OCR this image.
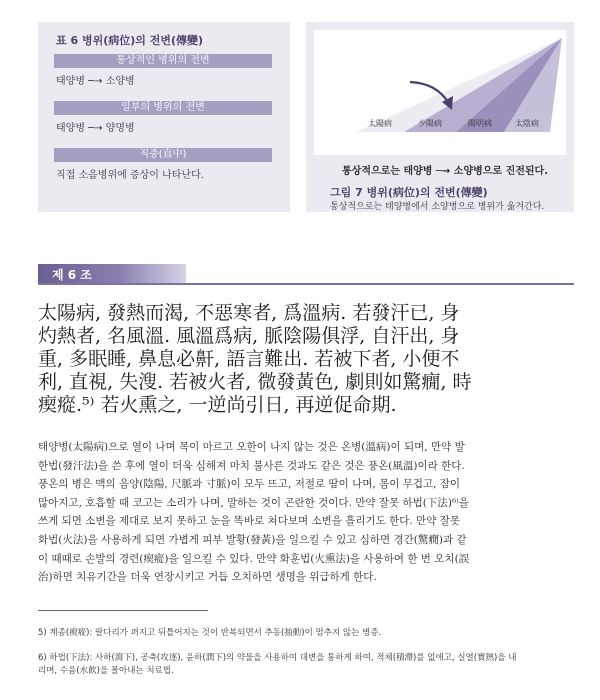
표 6 병위(病位)의 전변(傳變)
통상적인 병위의 전변
태양병 ─→ 소양병
일부의 병위의 전변
태양병 ─→ 양명병
직중(直中)
직접 소음병위에 증상이 나타난다.
太陽病	少陽病	陽明病	太陰病
통상적으로는 태양병 ─→ 소양병으로 진전된다.
그림 7 병위(病位)의 전변(傳變)
통상적으로는 태양병에서 소양병으로 병위가 옮겨간다.
제 6 조

太陽病, 發熱而渴, 不惡寒者, 爲溫病. 若發汗已, 身

灼熱者, 名風溫. 風溫爲病, 脈陰陽俱浮, 自汗出, 身

重, 多眠睡, 鼻息必鼾, 語言難出. 若被下者, 小便不

利, 直視, 失溲. 若被火者, 微發黃色, 劇則如驚癇, 時

瘈瘲.⁵⁾ 若火熏之, 一逆尚引日, 再逆促命期.

태양병(太陽病)으로 열이 나며 목이 마르고 오한이 나지 않는 것은 온병(溫病)이 되며, 만약 발

한법(發汗法)을 쓴 후에 열이 더욱 심해져 마치 불사른 것과도 같은 것은 풍온(風溫)이라 한다.

풍온의 병은 맥의 음양(陰陽, 尺脈과 寸脈)이 모두 뜨고, 저절로 땀이 나며, 몸이 무겁고, 잠이

많아지고, 호흡할 때 코고는 소리가 나며, 말하는 것이 곤란한 것이다. 만약 잘못 하법(下法)⁶⁾을

쓰게 되면 소변을 제대로 보지 못하고 눈을 똑바로 쳐다보며 소변을 흘리기도 한다. 만약 잘못

화법(火法)을 사용하게 되면 가볍게 피부 발황(發黃)을 일으킬 수 있고 심하면 경간(驚癇)과 같

이 때때로 손발의 경련(瘈瘲)을 일으킬 수 있다. 만약 화훈법(火熏法)을 사용하여 한 번 오치(誤

治)하면 치유기간을 더욱 연장시키고 거듭 오치하면 생명을 위급하게 한다.

5) 계종(瘈瘲): 팔다리가 펴지고 뒤틀어지는 것이 반복되면서 추동(抽動)이 멈추지 않는 병증.
6) 하법(下法): 사하(瀉下), 공축(攻逐), 윤하(潤下)의 약물을 사용하여 대변을 통하게 하여, 적체(積滯)를 없애고, 실열(實熱)을 내
리며, 수음(水飮)을 몰아내는 치료법.
